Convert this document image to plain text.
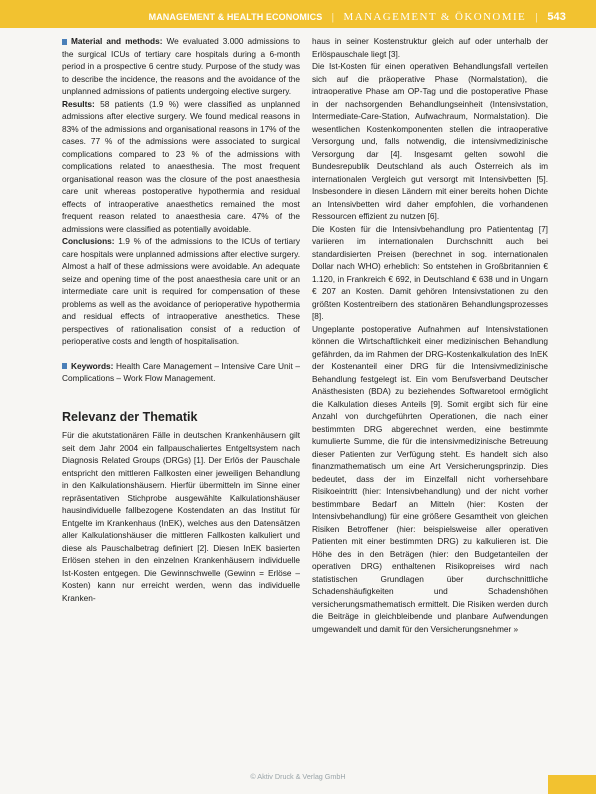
MANAGEMENT & HEALTH ECONOMICS | MANAGEMENT & ÖKONOMIE | 543

Material and methods: We evaluated 3.000 admissions to the surgical ICUs of tertiary care hospitals during a 6-month period in a prospective 6 centre study. Purpose of the study was to describe the incidence, the reasons and the avoidance of the unplanned admissions of patients undergoing elective surgery.

Results: 58 patients (1.9 %) were classified as unplanned admissions after elective surgery. We found medical reasons in 83% of the admissions and organisational reasons in 17% of the cases. 77 % of the admissions were associated to surgical complications compared to 23 % of the admissions with complications related to anaesthesia. The most frequent organisational reason was the closure of the post anaesthesia care unit whereas postoperative hypothermia and residual effects of intraoperative anaesthetics remained the most frequent reason related to anaesthesia care. 47% of the admissions were classified as potentially avoidable.

Conclusions: 1.9 % of the admissions to the ICUs of tertiary care hospitals were unplanned admissions after elective surgery. Almost a half of these admissions were avoidable. An adequate seize and opening time of the post anaesthesia care unit or an intermediate care unit is required for compensation of these problems as well as the avoidance of perioperative hypothermia and residual effects of intraoperative anesthetics. These perspectives of rationalisation consist of a reduction of perioperative costs and length of hospitalisation.

Keywords: Health Care Management – Intensive Care Unit – Complications – Work Flow Management.

Relevanz der Thematik

Für die akutstationären Fälle in deutschen Krankenhäusern gilt seit dem Jahr 2004 ein fallpauschaliertes Entgeltsystem nach Diagnosis Related Groups (DRGs) [1]. Der Erlös der Pauschale entspricht den mittleren Fallkosten einer jeweiligen Behandlung in den Kalkulationshäusern. Hierfür übermitteln im Sinne einer repräsentativen Stichprobe ausgewählte Kalkulationshäuser hausindividuelle fallbezogene Kostendaten an das Institut für Entgelte im Krankenhaus (InEK), welches aus den Datensätzen aller Kalkulationshäuser die mittleren Fallkosten kalkuliert und diese als Pauschalbetrag definiert [2]. Diesen InEK basierten Erlösen stehen in den einzelnen Krankenhäusern individuelle Ist-Kosten entgegen. Die Gewinnschwelle (Gewinn = Erlöse – Kosten) kann nur erreicht werden, wenn das individuelle Kranken-

haus in seiner Kostenstruktur gleich auf oder unterhalb der Erlöspauschale liegt [3].

Die Ist-Kosten für einen operativen Behandlungsfall verteilen sich auf die präoperative Phase (Normalstation), die intraoperative Phase am OP-Tag und die postoperative Phase in der nachsorgenden Behandlungseinheit (Intensivstation, Intermediate-Care-Station, Aufwachraum, Normalstation). Die wesentlichen Kostenkomponenten stellen die intraoperative Versorgung und, falls notwendig, die intensivmedizinische Versorgung dar [4]. Insgesamt gelten sowohl die Bundesrepublik Deutschland als auch Österreich als im internationalen Vergleich gut versorgt mit Intensivbetten [5]. Insbesondere in diesen Ländern mit einer bereits hohen Dichte an Intensivbetten wird daher empfohlen, die vorhandenen Ressourcen effizient zu nutzen [6].

Die Kosten für die Intensivbehandlung pro Patiententag [7] variieren im internationalen Durchschnitt auch bei standardisierten Preisen (berechnet in sog. internationalen Dollar nach WHO) erheblich: So entstehen in Großbritannien € 1.120, in Frankreich € 692, in Deutschland € 638 und in Ungarn € 207 an Kosten. Damit gehören Intensivstationen zu den größten Kostentreibern des stationären Behandlungsprozesses [8].

Ungeplante postoperative Aufnahmen auf Intensivstationen können die Wirtschaftlichkeit einer medizinischen Behandlung gefährden, da im Rahmen der DRG-Kostenkalkulation des InEK der Kostenanteil einer DRG für die Intensivmedizinische Behandlung festgelegt ist. Ein vom Berufsverband Deutscher Anästhesisten (BDA) zu beziehendes Softwaretool ermöglicht die Kalkulation dieses Anteils [9]. Somit ergibt sich für eine Anzahl von durchgeführten Operationen, die nach einer bestimmten DRG abgerechnet werden, eine bestimmte kumulierte Summe, die für die intensivmedizinische Betreuung dieser Patienten zur Verfügung steht. Es handelt sich also finanzmathematisch um eine Art Versicherungsprinzip. Dies bedeutet, dass der im Einzelfall nicht vorhersehbare Risikoeintritt (hier: Intensivbehandlung) und der nicht vorher bestimmbare Bedarf an Mitteln (hier: Kosten der Intensivbehandlung) für eine größere Gesamtheit von gleichen Risiken Betroffener (hier: beispielsweise aller operativen Patienten mit einer bestimmten DRG) zu kalkulieren ist. Die Höhe des in den Beträgen (hier: den Budgetanteilen der operativen DRG) enthaltenen Risikopreises wird nach statistischen Grundlagen über durchschnittliche Schadenshäufigkeiten und Schadenshöhen versicherungsmathematisch ermittelt. Die Risiken werden durch die Beiträge in gleichbleibende und planbare Aufwendungen umgewandelt und damit für den Versicherungsnehmer »

© Aktiv Druck & Verlag GmbH
